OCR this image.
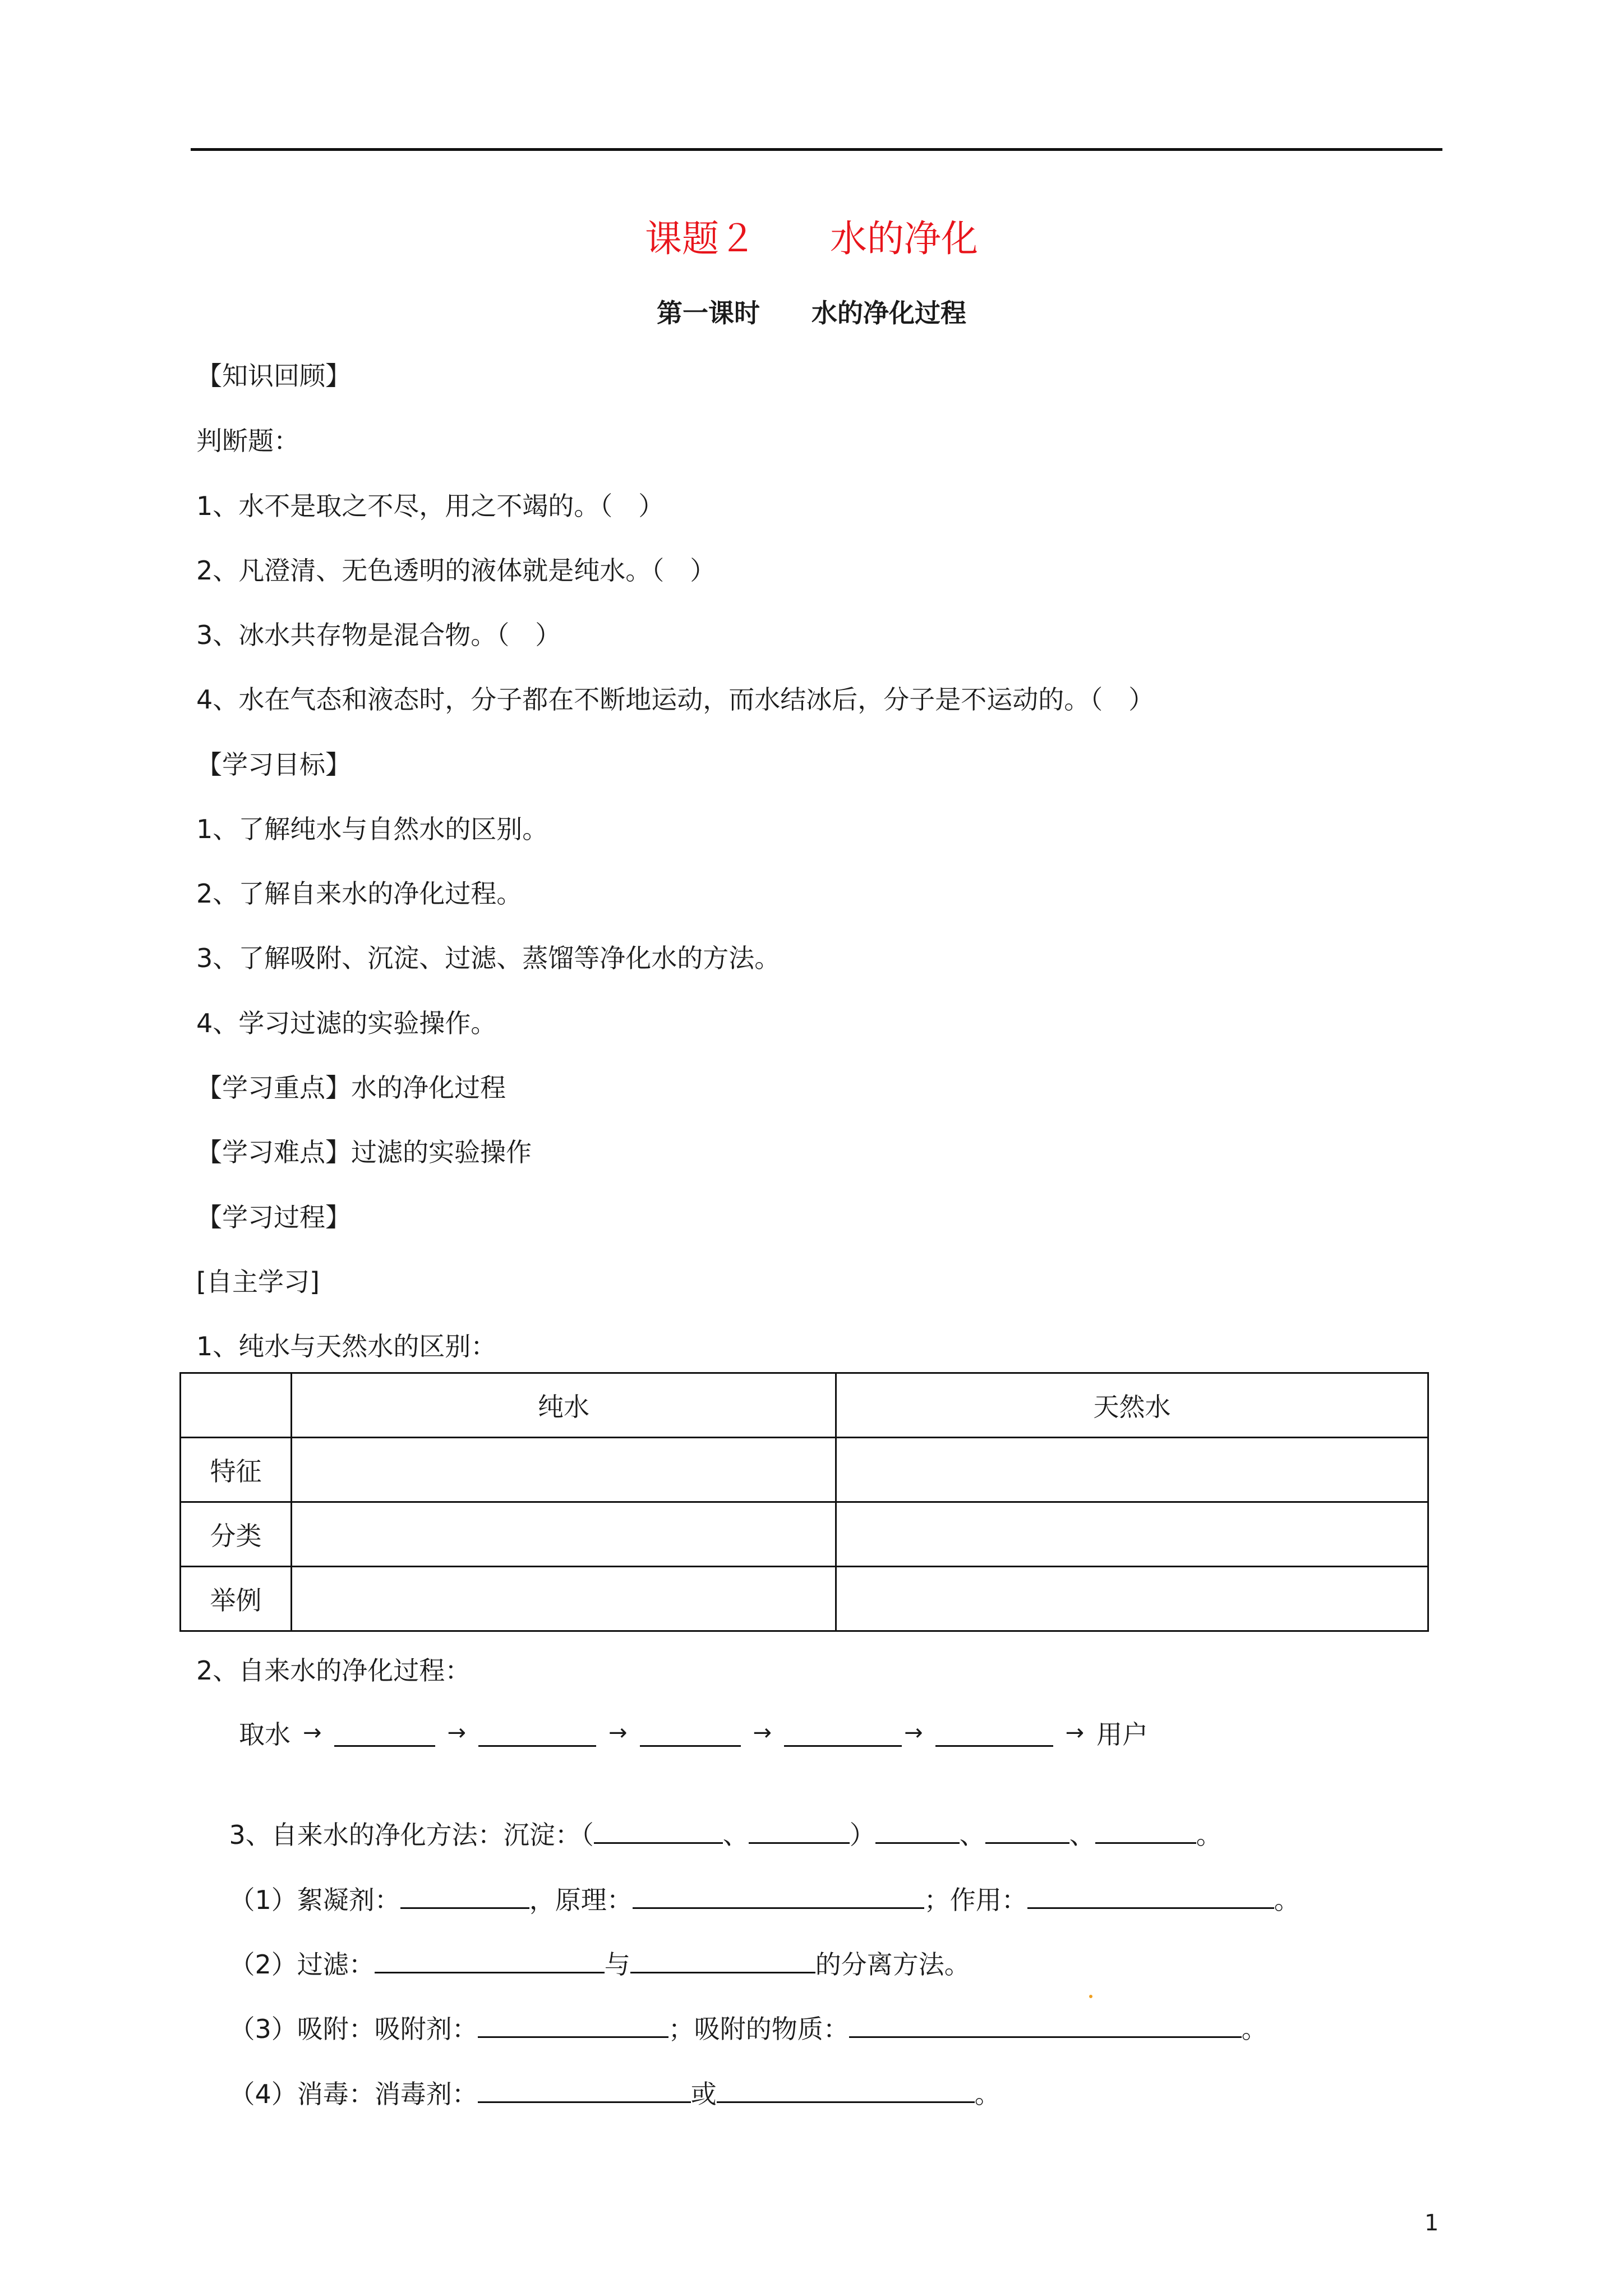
课题２　　水的净化
第一课时　　水的净化过程
【知识回顾】
判断题：
1、水不是取之不尽，用之不竭的。（　）
2、凡澄清、无色透明的液体就是纯水。（　）
3、冰水共存物是混合物。（　）
4、水在气态和液态时，分子都在不断地运动，而水结冰后，分子是不运动的。（　）
【学习目标】
1、了解纯水与自然水的区别。
2、了解自来水的净化过程。
3、了解吸附、沉淀、过滤、蒸馏等净化水的方法。
4、学习过滤的实验操作。
【学习重点】水的净化过程
【学习难点】过滤的实验操作
【学习过程】
[自主学习]
1、纯水与天然水的区别：
	纯水	天然水
特征		
分类		
举例		
2、自来水的净化过程：
取水 →	→	→	→	→	→ 用户

3、自来水的净化方法：沉淀：（	、	）	、	、	。

（1）絮凝剂：	，原理：	；作用：	。

（2）过滤：	与	的分离方法。

（3）吸附：吸附剂：	；吸附的物质：	。

（4）消毒：消毒剂：	或	。

1
